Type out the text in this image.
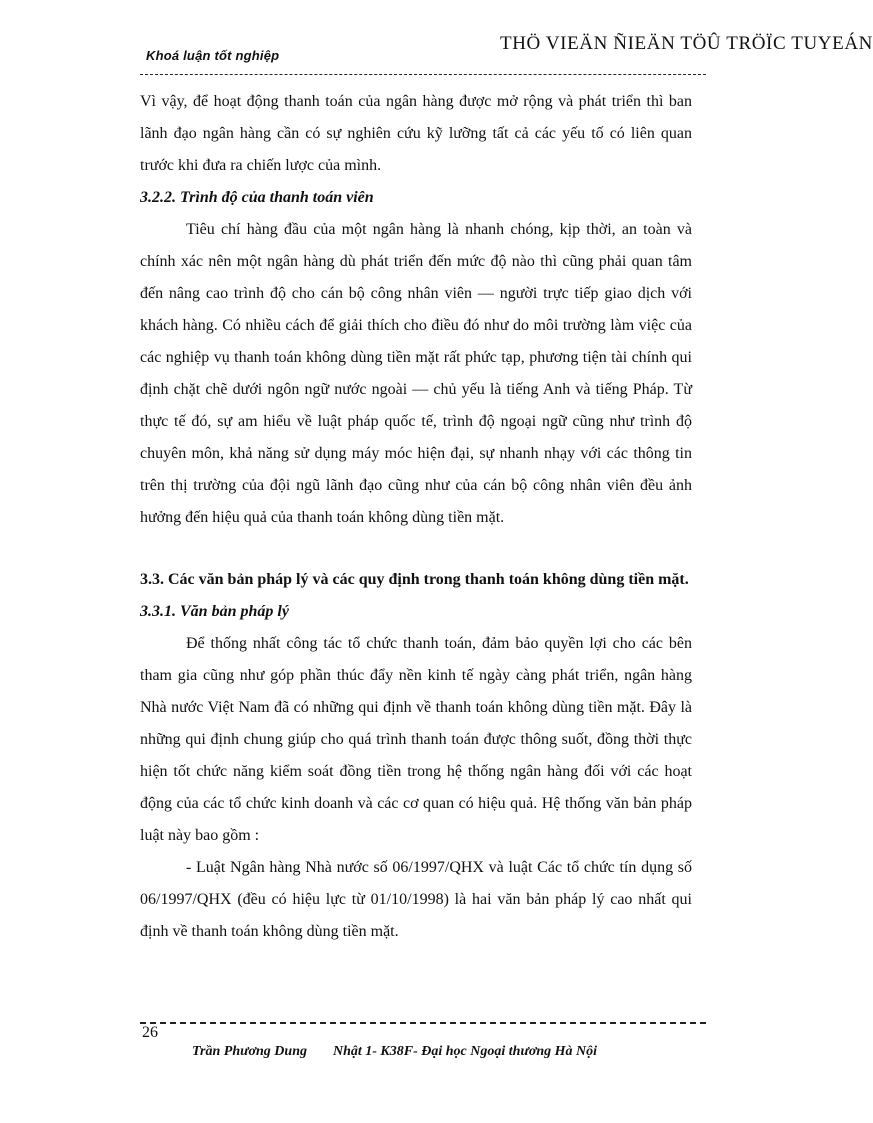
Khoá luận tốt nghiệp
THÖ VIEÄN ÑIEÄN TÖÛ TRÖÏC TUYEÁN

Vì vậy, để hoạt động thanh toán của ngân hàng được mở rộng và phát triển thì ban lãnh đạo ngân hàng cần có sự nghiên cứu kỹ lưỡng tất cả các yếu tố có liên quan trước khi đưa ra chiến lược của mình.

3.2.2. Trình độ của thanh toán viên

Tiêu chí hàng đầu của một ngân hàng là nhanh chóng, kịp thời, an toàn và chính xác nên một ngân hàng dù phát triển đến mức độ nào thì cũng phải quan tâm đến nâng cao trình độ cho cán bộ công nhân viên — người trực tiếp giao dịch với khách hàng. Có nhiều cách để giải thích cho điều đó như do môi trường làm việc của các nghiệp vụ thanh toán không dùng tiền mặt rất phức tạp, phương tiện tài chính qui định chặt chẽ dưới ngôn ngữ nước ngoài — chủ yếu là tiếng Anh và tiếng Pháp. Từ thực tế đó, sự am hiểu về luật pháp quốc tế, trình độ ngoại ngữ cũng như trình độ chuyên môn, khả năng sử dụng máy móc hiện đại, sự nhanh nhạy với các thông tin trên thị trường của đội ngũ lãnh đạo cũng như của cán bộ công nhân viên đều ảnh hưởng đến hiệu quả của thanh toán không dùng tiền mặt.

3.3. Các văn bản pháp lý và các quy định trong thanh toán không dùng tiền mặt.
3.3.1. Văn bản pháp lý

Để thống nhất công tác tổ chức thanh toán, đảm bảo quyền lợi cho các bên tham gia cũng như góp phần thúc đẩy nền kinh tế ngày càng phát triển, ngân hàng Nhà nước Việt Nam đã có những qui định về thanh toán không dùng tiền mặt. Đây là những qui định chung giúp cho quá trình thanh toán được thông suốt, đồng thời thực hiện tốt chức năng kiểm soát đồng tiền trong hệ thống ngân hàng đối với các hoạt động của các tổ chức kinh doanh và các cơ quan có hiệu quả. Hệ thống văn bản pháp luật này bao gồm :

- Luật Ngân hàng Nhà nước số 06/1997/QHX và luật Các tổ chức tín dụng số 06/1997/QHX (đều có hiệu lực từ 01/10/1998) là hai văn bản pháp lý cao nhất qui định về thanh toán không dùng tiền mặt.

26
Trần Phương Dung Nhật 1- K38F- Đại học Ngoại thương Hà Nội
